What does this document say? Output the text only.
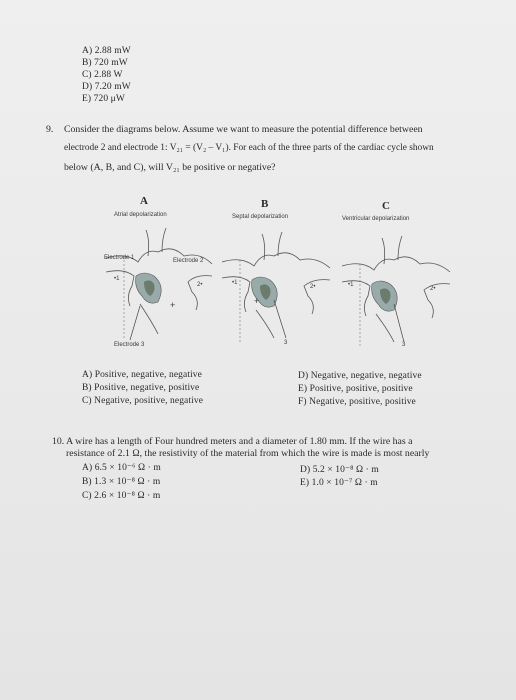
A) 2.88 mW
B) 720 mW
C) 2.88 W
D) 7.20 mW
E) 720 μW
9. Consider the diagrams below. Assume we want to measure the potential difference between
electrode 2 and electrode 1: V₂₁ = (V₂ – V₁). For each of the three parts of the cardiac cycle shown
below (A, B, and C), will V₂₁ be positive or negative?
A
Atrial depolarization
B
Septal depolarization
C
Ventricular depolarization
Electrode 1	Electrode 2
Electrode 3
•1
2•
+
•1
2•
3
+
•1
2•
3
A) Positive, negative, negative
B) Positive, negative, positive
C) Negative, positive, negative
D) Negative, negative, negative
E) Positive, positive, positive
F) Negative, positive, positive
10. A wire has a length of Four hundred meters and a diameter of 1.80 mm. If the wire has a
resistance of 2.1 Ω, the resistivity of the material from which the wire is made is most nearly
A) 6.5 × 10⁻⁶ Ω · m
B) 1.3 × 10⁻⁸ Ω · m
C) 2.6 × 10⁻⁸ Ω · m
D) 5.2 × 10⁻⁸ Ω · m
E) 1.0 × 10⁻⁷ Ω · m
